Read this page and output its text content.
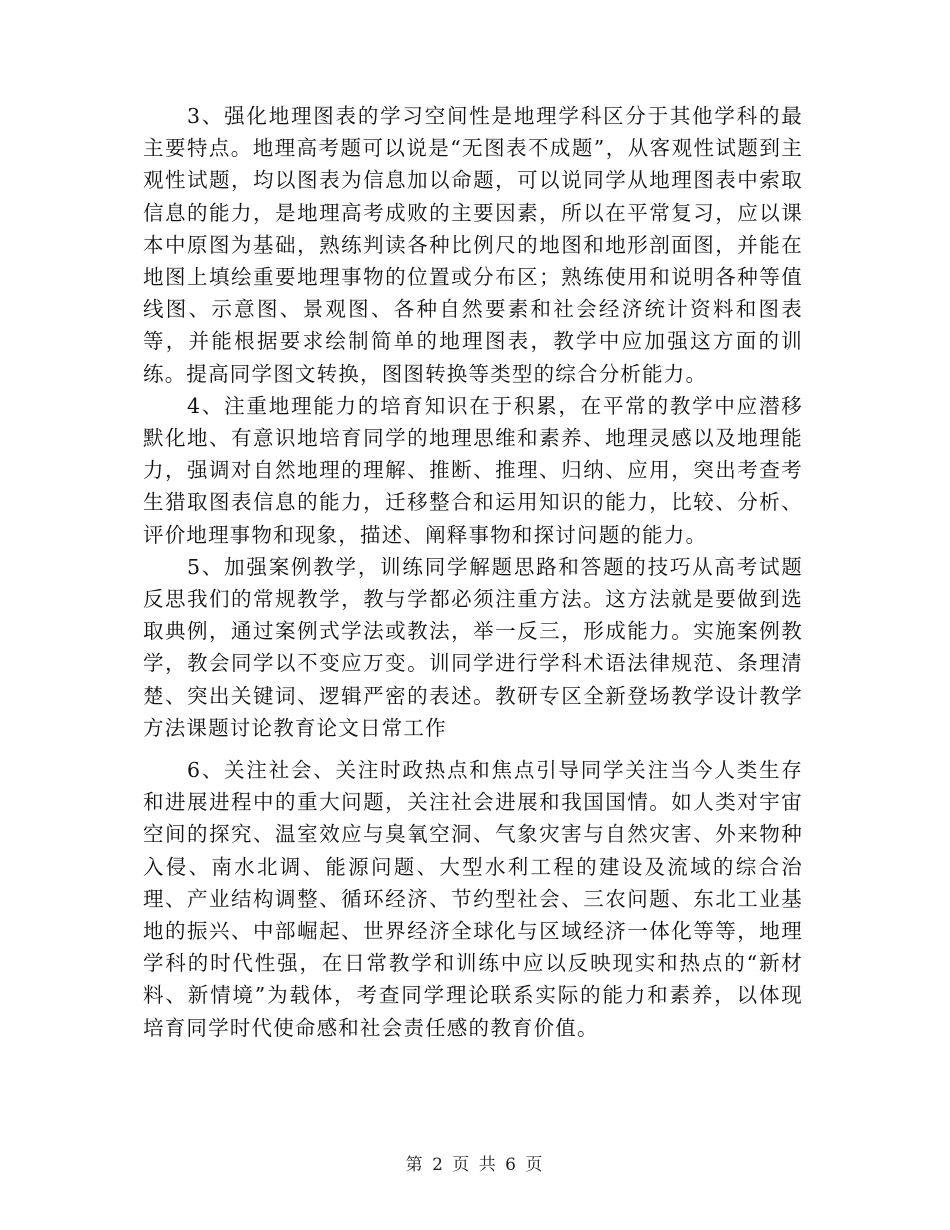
3、强化地理图表的学习空间性是地理学科区分于其他学科的最主要特点。地理高考题可以说是“无图表不成题”，从客观性试题到主观性试题，均以图表为信息加以命题，可以说同学从地理图表中索取信息的能力，是地理高考成败的主要因素，所以在平常复习，应以课本中原图为基础，熟练判读各种比例尺的地图和地形剖面图，并能在地图上填绘重要地理事物的位置或分布区；熟练使用和说明各种等值线图、示意图、景观图、各种自然要素和社会经济统计资料和图表等，并能根据要求绘制简单的地理图表，教学中应加强这方面的训练。提高同学图文转换，图图转换等类型的综合分析能力。

4、注重地理能力的培育知识在于积累，在平常的教学中应潜移默化地、有意识地培育同学的地理思维和素养、地理灵感以及地理能力，强调对自然地理的理解、推断、推理、归纳、应用，突出考查考生猎取图表信息的能力，迁移整合和运用知识的能力，比较、分析、评价地理事物和现象，描述、阐释事物和探讨问题的能力。

5、加强案例教学，训练同学解题思路和答题的技巧从高考试题反思我们的常规教学，教与学都必须注重方法。这方法就是要做到选取典例，通过案例式学法或教法，举一反三，形成能力。实施案例教学，教会同学以不变应万变。训同学进行学科术语法律规范、条理清楚、突出关键词、逻辑严密的表述。教研专区全新登场教学设计教学方法课题讨论教育论文日常工作

6、关注社会、关注时政热点和焦点引导同学关注当今人类生存和进展进程中的重大问题，关注社会进展和我国国情。如人类对宇宙空间的探究、温室效应与臭氧空洞、气象灾害与自然灾害、外来物种入侵、南水北调、能源问题、大型水利工程的建设及流域的综合治理、产业结构调整、循环经济、节约型社会、三农问题、东北工业基地的振兴、中部崛起、世界经济全球化与区域经济一体化等等，地理学科的时代性强，在日常教学和训练中应以反映现实和热点的“新材料、新情境”为载体，考查同学理论联系实际的能力和素养，以体现培育同学时代使命感和社会责任感的教育价值。

第 2 页 共 6 页
